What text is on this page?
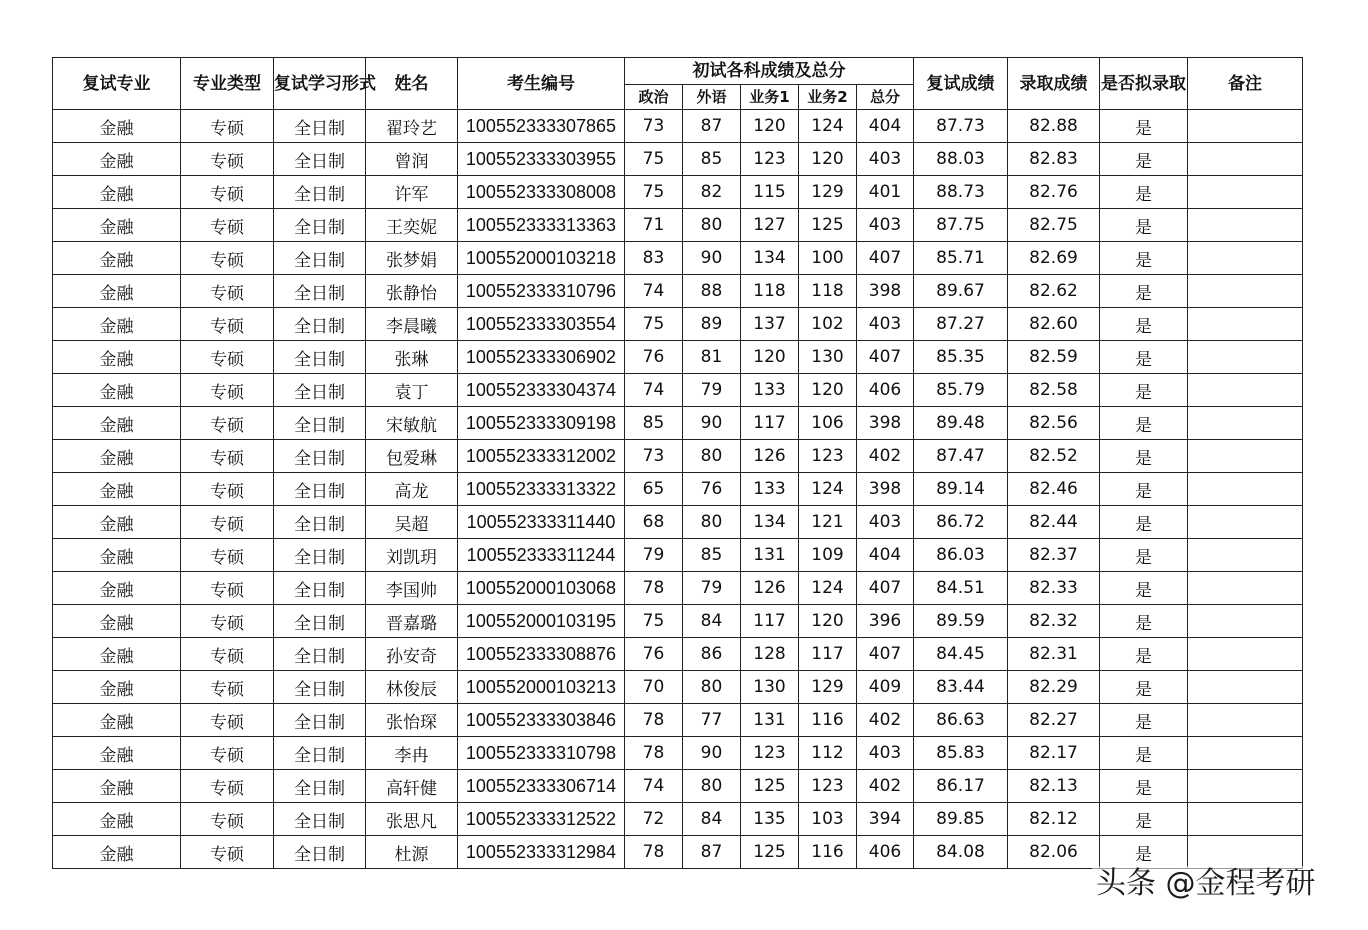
复试专业	专业类型	复试学习形式	姓名	考生编号	初试各科成绩及总分					复试成绩	录取成绩	是否拟录取	备注
					政治	外语	业务1	业务2	总分				
金融	专硕	全日制	翟玲艺	100552333307865	73	87	120	124	404	87.73	82.88	是	
金融	专硕	全日制	曾润	100552333303955	75	85	123	120	403	88.03	82.83	是	
金融	专硕	全日制	许军	100552333308008	75	82	115	129	401	88.73	82.76	是	
金融	专硕	全日制	王奕妮	100552333313363	71	80	127	125	403	87.75	82.75	是	
金融	专硕	全日制	张梦娟	100552000103218	83	90	134	100	407	85.71	82.69	是	
金融	专硕	全日制	张静怡	100552333310796	74	88	118	118	398	89.67	82.62	是	
金融	专硕	全日制	李晨曦	100552333303554	75	89	137	102	403	87.27	82.60	是	
金融	专硕	全日制	张琳	100552333306902	76	81	120	130	407	85.35	82.59	是	
金融	专硕	全日制	袁丁	100552333304374	74	79	133	120	406	85.79	82.58	是	
金融	专硕	全日制	宋敏航	100552333309198	85	90	117	106	398	89.48	82.56	是	
金融	专硕	全日制	包爱琳	100552333312002	73	80	126	123	402	87.47	82.52	是	
金融	专硕	全日制	高龙	100552333313322	65	76	133	124	398	89.14	82.46	是	
金融	专硕	全日制	吴超	100552333311440	68	80	134	121	403	86.72	82.44	是	
金融	专硕	全日制	刘凯玥	100552333311244	79	85	131	109	404	86.03	82.37	是	
金融	专硕	全日制	李国帅	100552000103068	78	79	126	124	407	84.51	82.33	是	
金融	专硕	全日制	晋嘉璐	100552000103195	75	84	117	120	396	89.59	82.32	是	
金融	专硕	全日制	孙安奇	100552333308876	76	86	128	117	407	84.45	82.31	是	
金融	专硕	全日制	林俊辰	100552000103213	70	80	130	129	409	83.44	82.29	是	
金融	专硕	全日制	张怡琛	100552333303846	78	77	131	116	402	86.63	82.27	是	
金融	专硕	全日制	李冉	100552333310798	78	90	123	112	403	85.83	82.17	是	
金融	专硕	全日制	高轩健	100552333306714	74	80	125	123	402	86.17	82.13	是	
金融	专硕	全日制	张思凡	100552333312522	72	84	135	103	394	89.85	82.12	是	
金融	专硕	全日制	杜源	100552333312984	78	87	125	116	406	84.08	82.06	是	
头条 @金程考研
